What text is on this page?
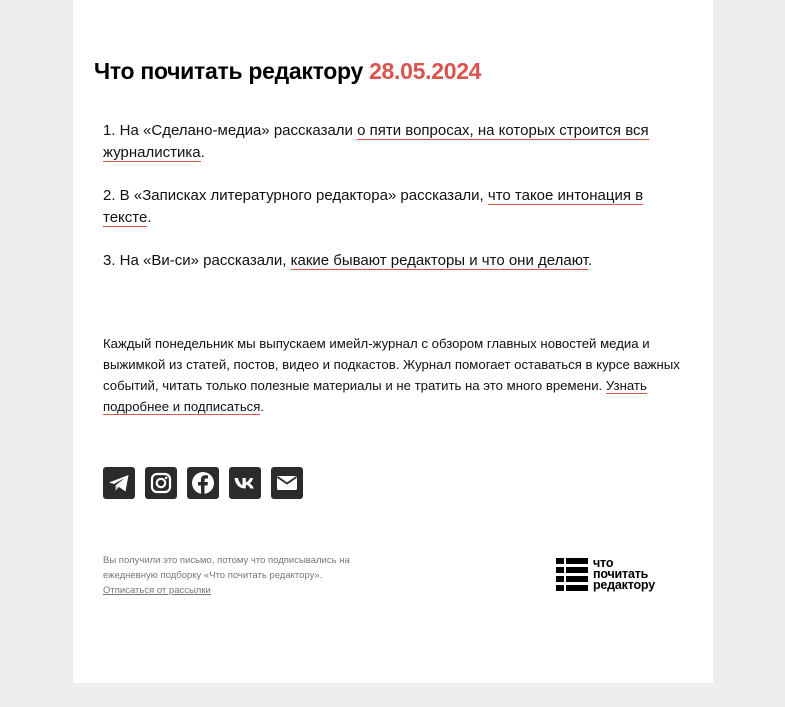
Что почитать редактору 28.05.2024

1. На «Сделано-медиа» рассказали о пяти вопросах, на которых строится вся журналистика.

2. В «Записках литературного редактора» рассказали, что такое интонация в тексте.

3. На «Ви-си» рассказали, какие бывают редакторы и что они делают.

Каждый понедельник мы выпускаем имейл-журнал с обзором главных новостей медиа и выжимкой из статей, постов, видео и подкастов. Журнал помогает оставаться в курсе важных событий, читать только полезные материалы и не тратить на это много времени. Узнать подробнее и подписаться.

Вы получили это письмо, потому что подписывались на ежедневную подборку «Что почитать редактору».
Отписаться от рассылки
что
почитать
редактору
